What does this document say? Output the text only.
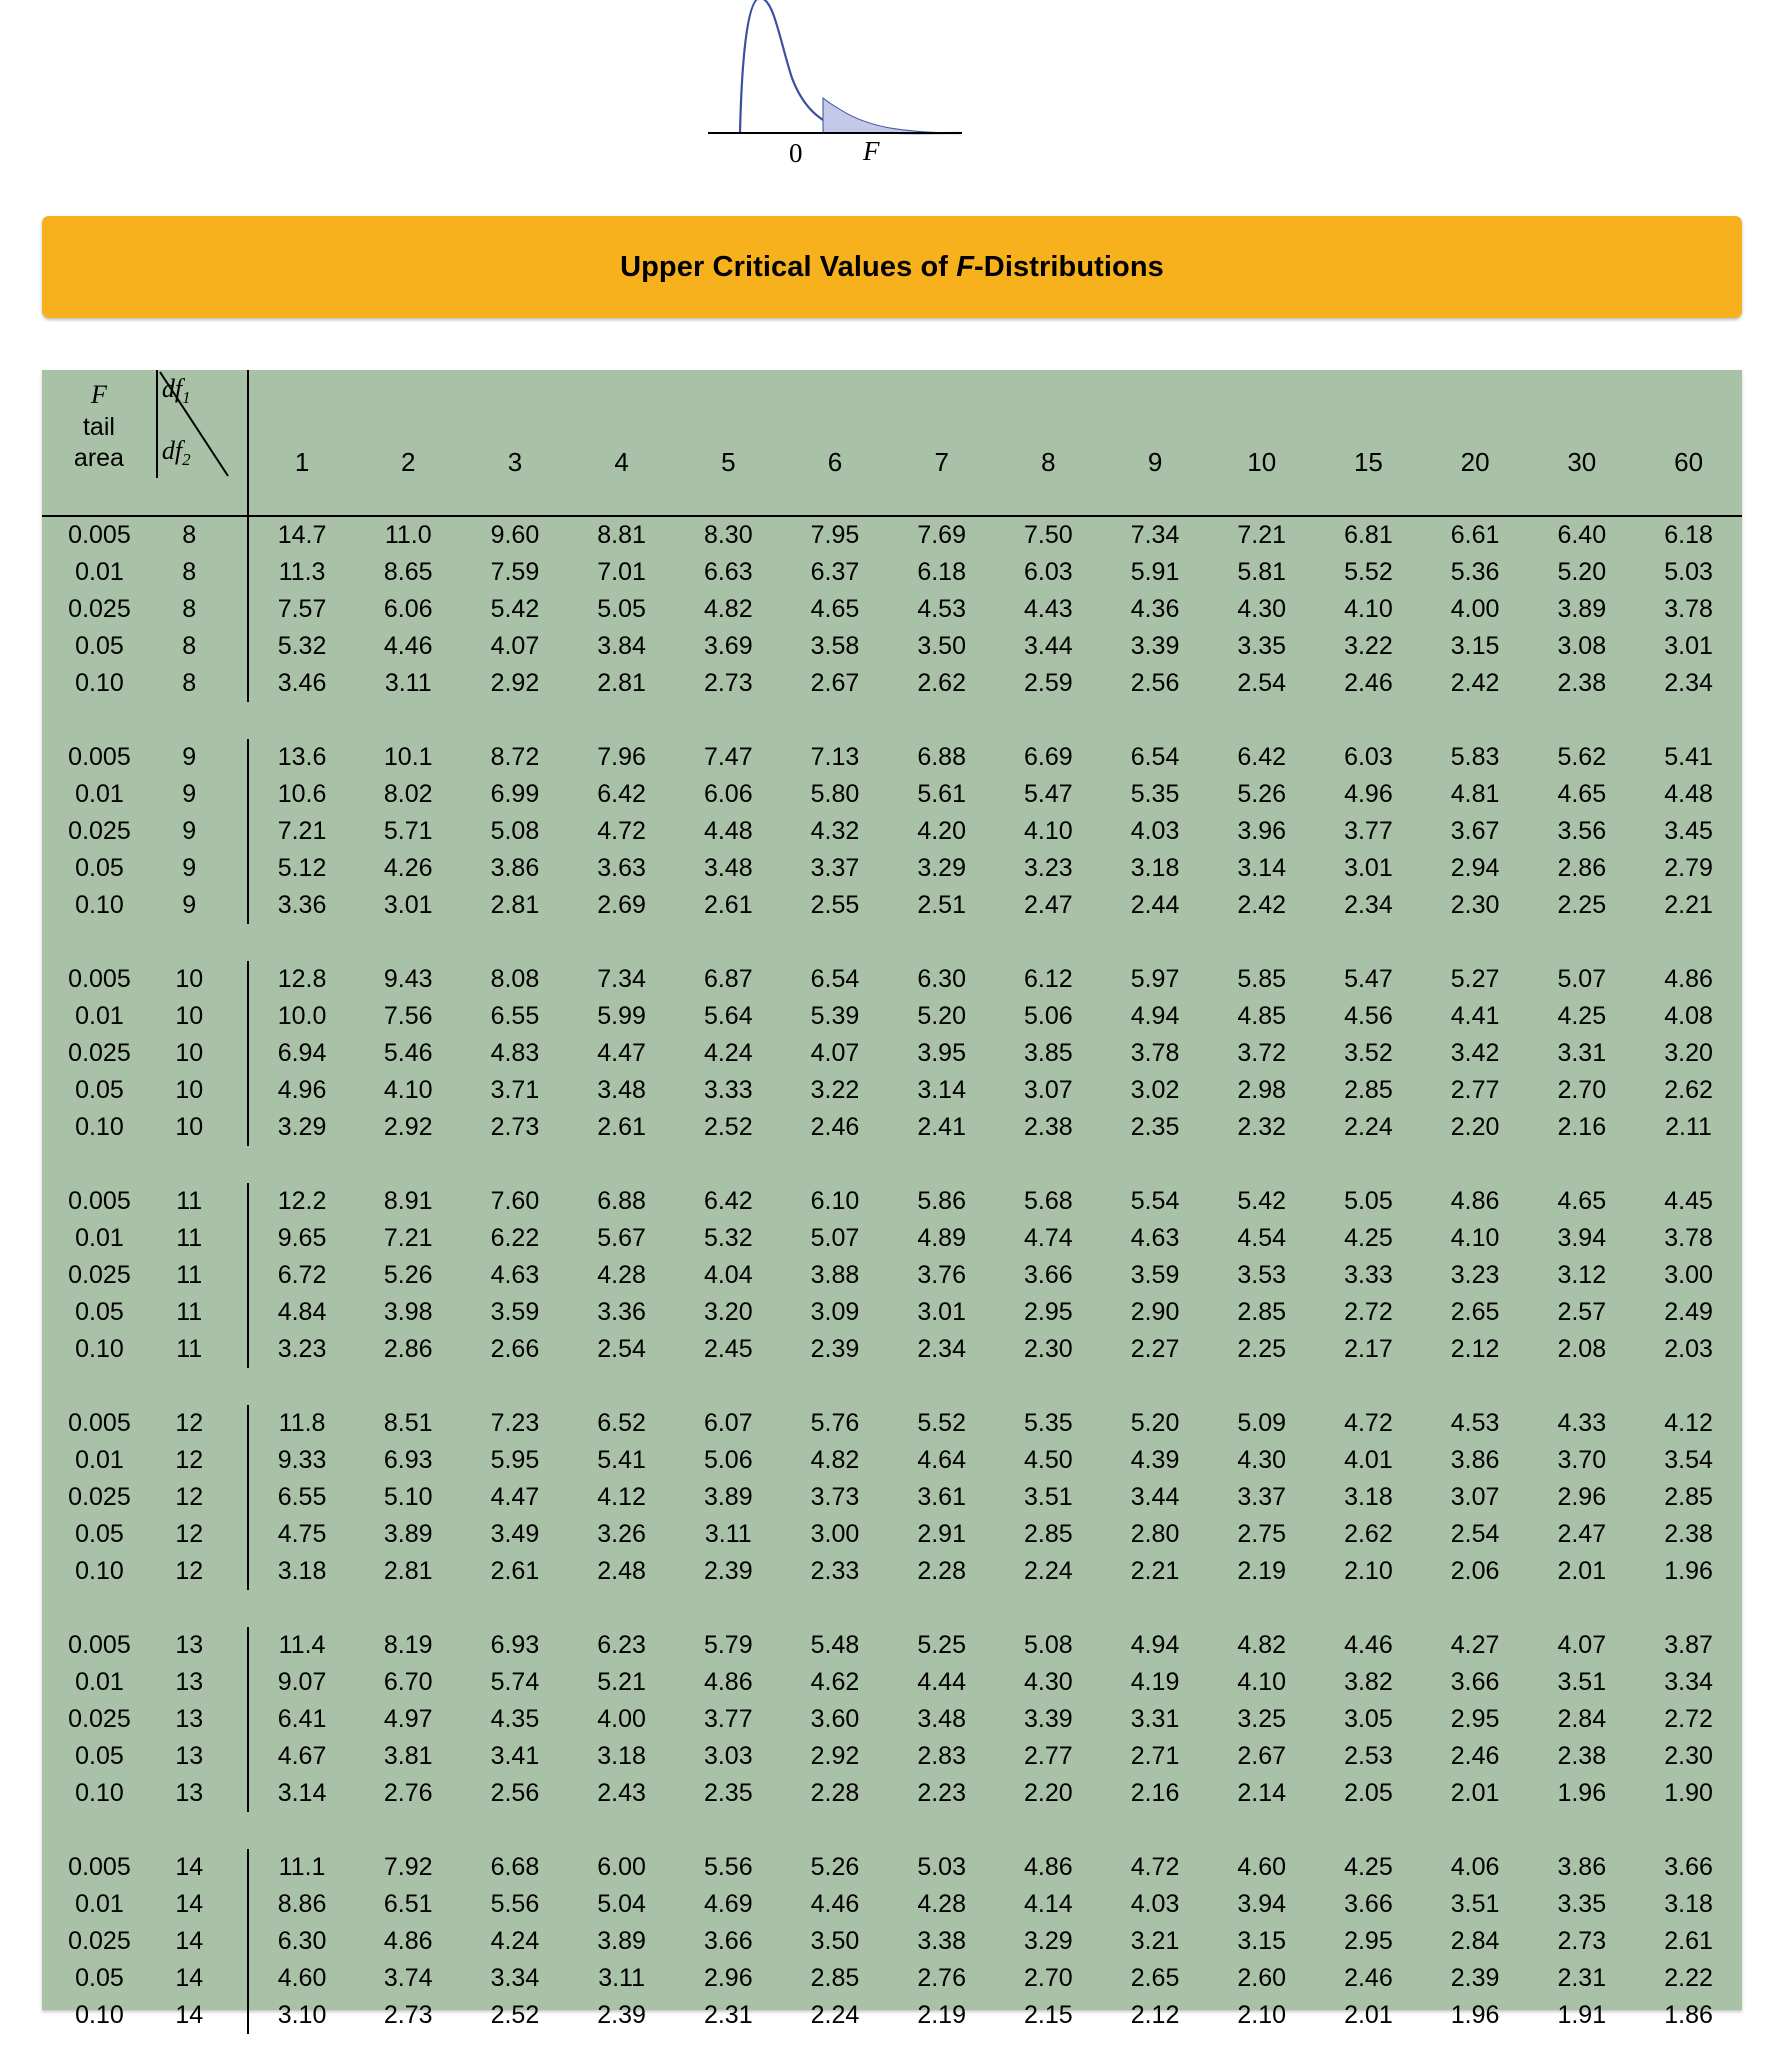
0 F
Upper Critical Values of F-Distributions
F
tail
area

$df_1$
$df_2$	1	2	3	4	5	6	7	8	9	10	15	20	30	60

0.005	8		14.7	11.0	9.60	8.81	8.30	7.95	7.69	7.50	7.34	7.21	6.81	6.61	6.40	6.18
0.01	8		11.3	8.65	7.59	7.01	6.63	6.37	6.18	6.03	5.91	5.81	5.52	5.36	5.20	5.03
0.025	8		7.57	6.06	5.42	5.05	4.82	4.65	4.53	4.43	4.36	4.30	4.10	4.00	3.89	3.78
0.05	8		5.32	4.46	4.07	3.84	3.69	3.58	3.50	3.44	3.39	3.35	3.22	3.15	3.08	3.01
0.10	8		3.46	3.11	2.92	2.81	2.73	2.67	2.62	2.59	2.56	2.54	2.46	2.42	2.38	2.34

0.005	9		13.6	10.1	8.72	7.96	7.47	7.13	6.88	6.69	6.54	6.42	6.03	5.83	5.62	5.41
0.01	9		10.6	8.02	6.99	6.42	6.06	5.80	5.61	5.47	5.35	5.26	4.96	4.81	4.65	4.48
0.025	9		7.21	5.71	5.08	4.72	4.48	4.32	4.20	4.10	4.03	3.96	3.77	3.67	3.56	3.45
0.05	9		5.12	4.26	3.86	3.63	3.48	3.37	3.29	3.23	3.18	3.14	3.01	2.94	2.86	2.79
0.10	9		3.36	3.01	2.81	2.69	2.61	2.55	2.51	2.47	2.44	2.42	2.34	2.30	2.25	2.21

0.005	10		12.8	9.43	8.08	7.34	6.87	6.54	6.30	6.12	5.97	5.85	5.47	5.27	5.07	4.86
0.01	10		10.0	7.56	6.55	5.99	5.64	5.39	5.20	5.06	4.94	4.85	4.56	4.41	4.25	4.08
0.025	10		6.94	5.46	4.83	4.47	4.24	4.07	3.95	3.85	3.78	3.72	3.52	3.42	3.31	3.20
0.05	10		4.96	4.10	3.71	3.48	3.33	3.22	3.14	3.07	3.02	2.98	2.85	2.77	2.70	2.62
0.10	10		3.29	2.92	2.73	2.61	2.52	2.46	2.41	2.38	2.35	2.32	2.24	2.20	2.16	2.11

0.005	11		12.2	8.91	7.60	6.88	6.42	6.10	5.86	5.68	5.54	5.42	5.05	4.86	4.65	4.45
0.01	11		9.65	7.21	6.22	5.67	5.32	5.07	4.89	4.74	4.63	4.54	4.25	4.10	3.94	3.78
0.025	11		6.72	5.26	4.63	4.28	4.04	3.88	3.76	3.66	3.59	3.53	3.33	3.23	3.12	3.00
0.05	11		4.84	3.98	3.59	3.36	3.20	3.09	3.01	2.95	2.90	2.85	2.72	2.65	2.57	2.49
0.10	11		3.23	2.86	2.66	2.54	2.45	2.39	2.34	2.30	2.27	2.25	2.17	2.12	2.08	2.03

0.005	12		11.8	8.51	7.23	6.52	6.07	5.76	5.52	5.35	5.20	5.09	4.72	4.53	4.33	4.12
0.01	12		9.33	6.93	5.95	5.41	5.06	4.82	4.64	4.50	4.39	4.30	4.01	3.86	3.70	3.54
0.025	12		6.55	5.10	4.47	4.12	3.89	3.73	3.61	3.51	3.44	3.37	3.18	3.07	2.96	2.85
0.05	12		4.75	3.89	3.49	3.26	3.11	3.00	2.91	2.85	2.80	2.75	2.62	2.54	2.47	2.38
0.10	12		3.18	2.81	2.61	2.48	2.39	2.33	2.28	2.24	2.21	2.19	2.10	2.06	2.01	1.96

0.005	13		11.4	8.19	6.93	6.23	5.79	5.48	5.25	5.08	4.94	4.82	4.46	4.27	4.07	3.87
0.01	13		9.07	6.70	5.74	5.21	4.86	4.62	4.44	4.30	4.19	4.10	3.82	3.66	3.51	3.34
0.025	13		6.41	4.97	4.35	4.00	3.77	3.60	3.48	3.39	3.31	3.25	3.05	2.95	2.84	2.72
0.05	13		4.67	3.81	3.41	3.18	3.03	2.92	2.83	2.77	2.71	2.67	2.53	2.46	2.38	2.30
0.10	13		3.14	2.76	2.56	2.43	2.35	2.28	2.23	2.20	2.16	2.14	2.05	2.01	1.96	1.90

0.005	14		11.1	7.92	6.68	6.00	5.56	5.26	5.03	4.86	4.72	4.60	4.25	4.06	3.86	3.66
0.01	14		8.86	6.51	5.56	5.04	4.69	4.46	4.28	4.14	4.03	3.94	3.66	3.51	3.35	3.18
0.025	14		6.30	4.86	4.24	3.89	3.66	3.50	3.38	3.29	3.21	3.15	2.95	2.84	2.73	2.61
0.05	14		4.60	3.74	3.34	3.11	2.96	2.85	2.76	2.70	2.65	2.60	2.46	2.39	2.31	2.22
0.10	14		3.10	2.73	2.52	2.39	2.31	2.24	2.19	2.15	2.12	2.10	2.01	1.96	1.91	1.86
